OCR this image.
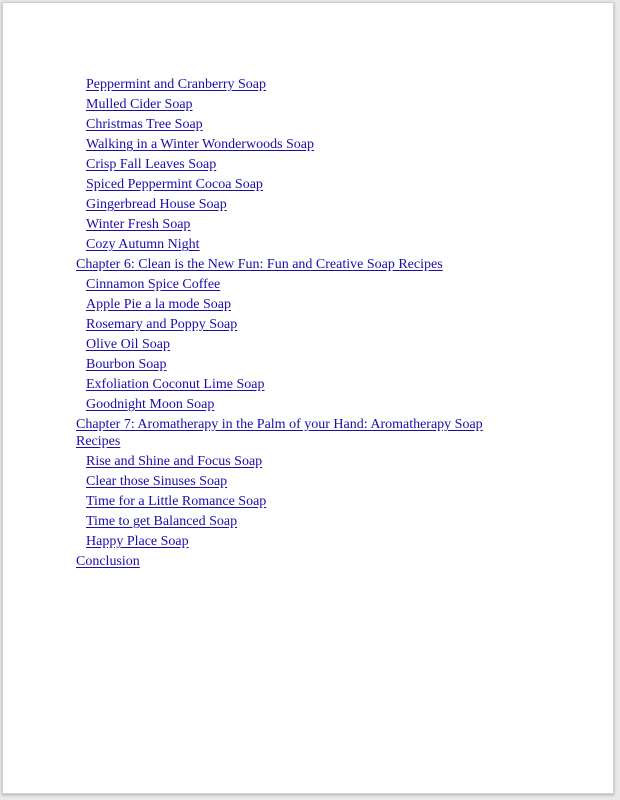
Peppermint and Cranberry Soap
Mulled Cider Soap
Christmas Tree Soap
Walking in a Winter Wonderwoods Soap
Crisp Fall Leaves Soap
Spiced Peppermint Cocoa Soap
Gingerbread House Soap
Winter Fresh Soap
Cozy Autumn Night
Chapter 6: Clean is the New Fun: Fun and Creative Soap Recipes
Cinnamon Spice Coffee
Apple Pie a la mode Soap
Rosemary and Poppy Soap
Olive Oil Soap
Bourbon Soap
Exfoliation Coconut Lime Soap
Goodnight Moon Soap
Chapter 7: Aromatherapy in the Palm of your Hand: Aromatherapy Soap Recipes
Rise and Shine and Focus Soap
Clear those Sinuses Soap
Time for a Little Romance Soap
Time to get Balanced Soap
Happy Place Soap
Conclusion
